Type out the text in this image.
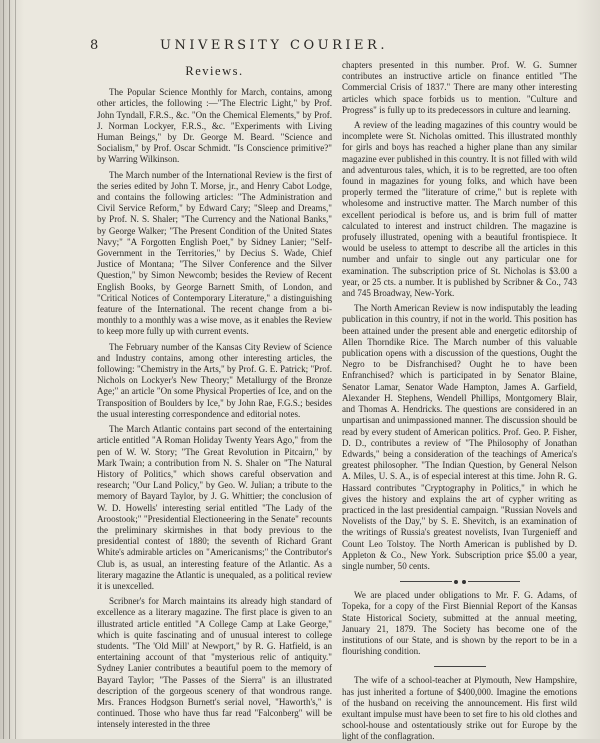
8	UNIVERSITY COURIER.
Reviews.

The Popular Science Monthly for March, contains, among other articles, the following :—"The Electric Light," by Prof. John Tyndall, F.R.S., &c. "On the Chemical Elements," by Prof. J. Norman Lockyer, F.R.S., &c. "Experiments with Living Human Beings," by Dr. George M. Beard. "Science and Socialism," by Prof. Oscar Schmidt. "Is Conscience primitive?" by Warring Wilkinson.

The March number of the International Review is the first of the series edited by John T. Morse, jr., and Henry Cabot Lodge, and contains the following articles: "The Administration and Civil Service Reform," by Edward Cary; "Sleep and Dreams," by Prof. N. S. Shaler; "The Currency and the National Banks," by George Walker; "The Present Condition of the United States Navy;" "A Forgotten English Poet," by Sidney Lanier; "Self-Government in the Territories," by Decius S. Wade, Chief Justice of Montana; "The Silver Conference and the Silver Question," by Simon Newcomb; besides the Review of Recent English Books, by George Barnett Smith, of London, and "Critical Notices of Contemporary Literature," a distinguishing feature of the International. The recent change from a bi-monthly to a monthly was a wise move, as it enables the Review to keep more fully up with current events.

The February number of the Kansas City Review of Science and Industry contains, among other interesting articles, the following: "Chemistry in the Arts," by Prof. G. E. Patrick; "Prof. Nichols on Lockyer's New Theory;" Metallurgy of the Bronze Age;" an article "On some Physical Properties of Ice, and on the Transposition of Boulders by Ice," by John Rae, F.G.S.; besides the usual interesting correspondence and editorial notes.

The March Atlantic contains part second of the entertaining article entitled "A Roman Holiday Twenty Years Ago," from the pen of W. W. Story; "The Great Revolution in Pitcairn," by Mark Twain; a contribution from N. S. Shaler on "The Natural History of Politics," which shows careful observation and research; "Our Land Policy," by Geo. W. Julian; a tribute to the memory of Bayard Taylor, by J. G. Whittier; the conclusion of W. D. Howells' interesting serial entitled "The Lady of the Aroostook;" "Presidential Electioneering in the Senate" recounts the preliminary skirmishes in that body previous to the presidential contest of 1880; the seventh of Richard Grant White's admirable articles on "Americanisms;" the Contributor's Club is, as usual, an interesting feature of the Atlantic. As a literary magazine the Atlantic is unequaled, as a political review it is unexcelled.

Scribner's for March maintains its already high standard of excellence as a literary magazine. The first place is given to an illustrated article entitled "A College Camp at Lake George," which is quite fascinating and of unusual interest to college students. "The 'Old Mill' at Newport," by R. G. Hatfield, is an entertaining account of that "mysterious relic of antiquity." Sydney Lanier contributes a beautiful poem to the memory of Bayard Taylor; "The Passes of the Sierra" is an illustrated description of the gorgeous scenery of that wondrous range. Mrs. Frances Hodgson Burnett's serial novel, "Haworth's," is continued. Those who have thus far read "Falconberg" will be intensely interested in the three

chapters presented in this number. Prof. W. G. Sumner contributes an instructive article on finance entitled "The Commercial Crisis of 1837." There are many other interesting articles which space forbids us to mention. "Culture and Progress" is fully up to its predecessors in culture and learning.

A review of the leading magazines of this country would be incomplete were St. Nicholas omitted. This illustrated monthly for girls and boys has reached a higher plane than any similar magazine ever published in this country. It is not filled with wild and adventurous tales, which, it is to be regretted, are too often found in magazines for young folks, and which have been properly termed the "literature of crime," but is replete with wholesome and instructive matter. The March number of this excellent periodical is before us, and is brim full of matter calculated to interest and instruct children. The magazine is profusely illustrated, opening with a beautiful frontispiece. It would be useless to attempt to describe all the articles in this number and unfair to single out any particular one for examination. The subscription price of St. Nicholas is $3.00 a year, or 25 cts. a number. It is published by Scribner & Co., 743 and 745 Broadway, New-York.

The North American Review is now indisputably the leading publication in this country, if not in the world. This position has been attained under the present able and energetic editorship of Allen Thorndike Rice. The March number of this valuable publication opens with a discussion of the questions, Ought the Negro to be Disfranchised? Ought he to have been Enfranchised? which is participated in by Senator Blaine, Senator Lamar, Senator Wade Hampton, James A. Garfield, Alexander H. Stephens, Wendell Phillips, Montgomery Blair, and Thomas A. Hendricks. The questions are considered in an unpartisan and unimpassioned manner. The discussion should be read by every student of American politics. Prof. Geo. P. Fisher, D. D., contributes a review of "The Philosophy of Jonathan Edwards," being a consideration of the teachings of America's greatest philosopher. "The Indian Question, by General Nelson A. Miles, U. S. A., is of especial interest at this time. John R. G. Hassard contributes "Cryptography in Politics," in which he gives the history and explains the art of cypher writing as practiced in the last presidential campaign. "Russian Novels and Novelists of the Day," by S. E. Shevitch, is an examination of the writings of Russia's greatest novelists, Ivan Turgenieff and Count Leo Tolstoy. The North American is published by D. Appleton & Co., New York. Subscription price $5.00 a year, single number, 50 cents.

We are placed under obligations to Mr. F. G. Adams, of Topeka, for a copy of the First Biennial Report of the Kansas State Historical Society, submitted at the annual meeting, January 21, 1879. The Society has become one of the institutions of our State, and is shown by the report to be in a flourishing condition.

The wife of a school-teacher at Plymouth, New Hampshire, has just inherited a fortune of $400,000. Imagine the emotions of the husband on receiving the announcement. His first wild exultant impulse must have been to set fire to his old clothes and school-house and ostentatiously strike out for Europe by the light of the conflagration.
